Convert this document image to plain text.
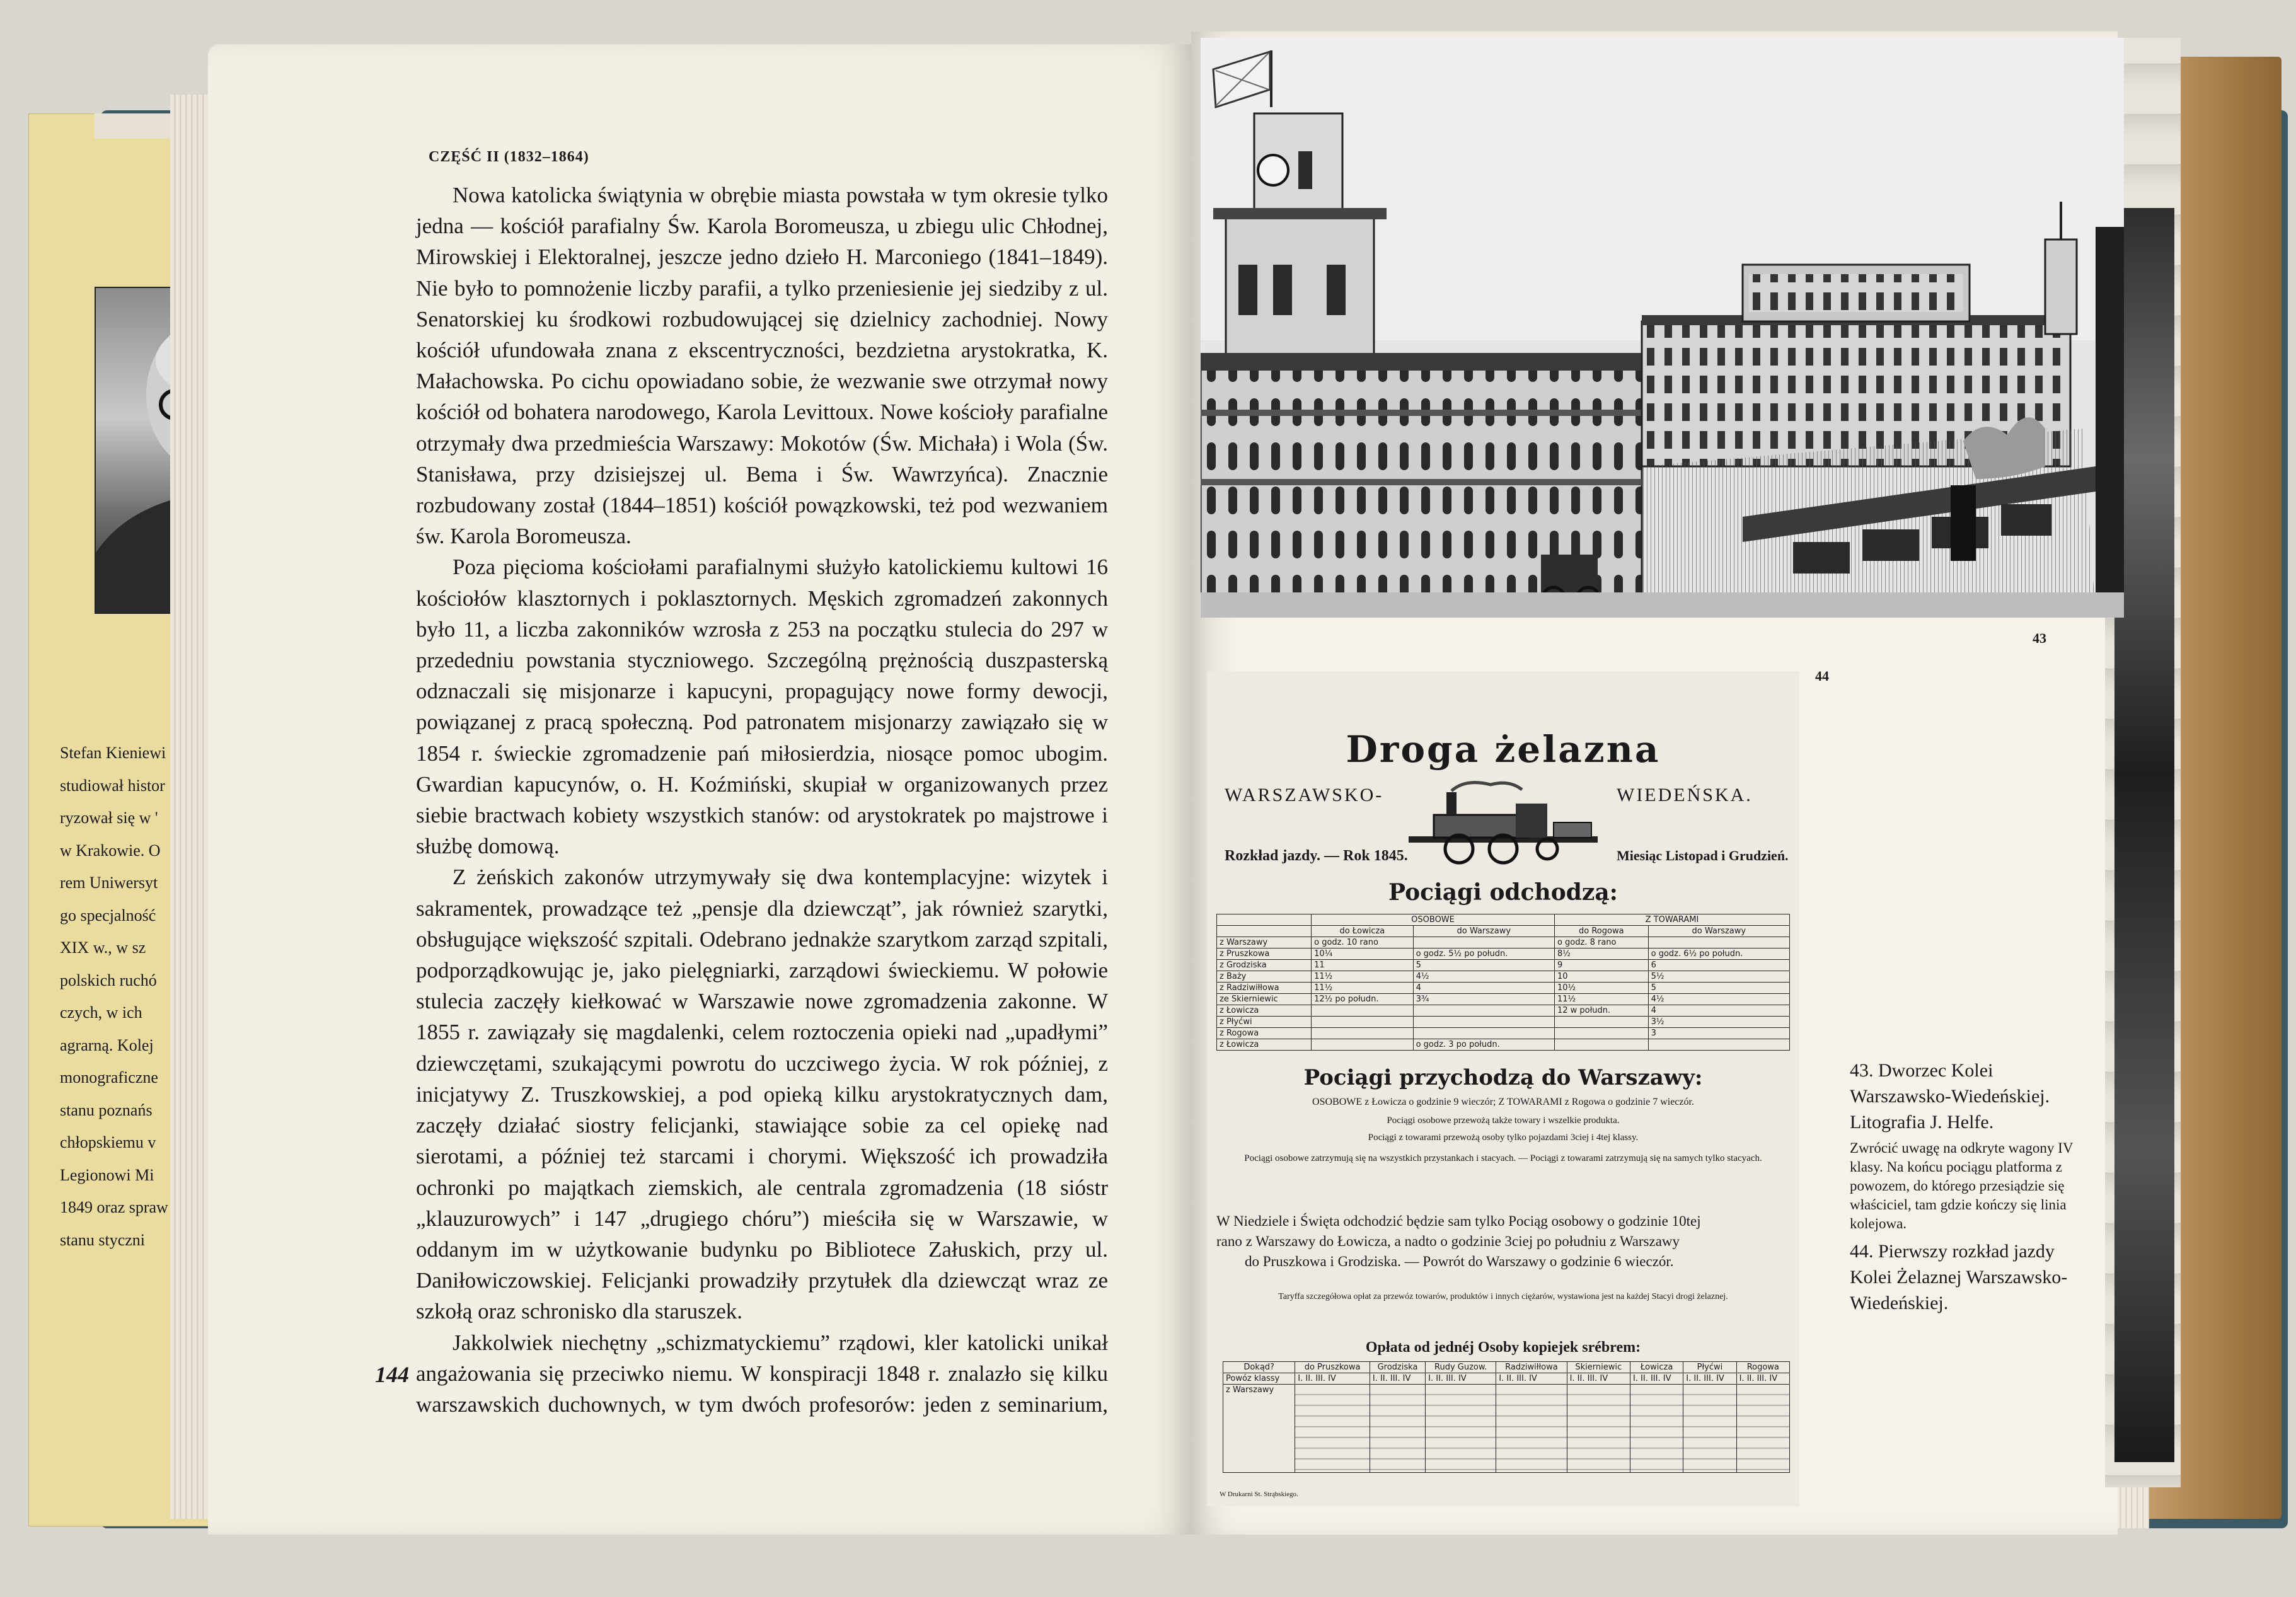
Stefan Kieniewi
studiował histor
ryzował się w '
w Krakowie. O
rem Uniwersyt
go specjalność
XIX w., w sz
polskich ruchó
czych, w ich
agrarną. Kolej
monograficzne
stanu poznańs
chłopskiemu v
Legionowi Mi
1849 oraz spraw
stanu styczni
CZĘŚĆ II (1832–1864)

Nowa katolicka świątynia w obrębie miasta powstała w tym okresie tylko jedna — kościół parafialny Św. Karola Boromeusza, u zbiegu ulic Chłodnej, Mirowskiej i Elektoralnej, jeszcze jedno dzieło H. Marconiego (1841–1849). Nie było to pomnożenie liczby parafii, a tylko przeniesienie jej siedziby z ul. Senatorskiej ku środkowi rozbudowującej się dzielnicy zachodniej. Nowy kościół ufundowała znana z ekscentryczności, bezdzietna arystokratka, K. Małachowska. Po cichu opowiadano sobie, że wezwanie swe otrzymał nowy kościół od bohatera narodowego, Karola Levittoux. Nowe kościoły parafialne otrzymały dwa przedmieścia Warszawy: Mokotów (Św. Michała) i Wola (Św. Stanisława, przy dzisiejszej ul. Bema i Św. Wawrzyńca). Znacznie rozbudowany został (1844–1851) kościół powązkowski, też pod wezwaniem św. Karola Boromeusza.

Poza pięcioma kościołami parafialnymi służyło katolickiemu kultowi 16 kościołów klasztornych i poklasztornych. Męskich zgromadzeń zakonnych było 11, a liczba zakonników wzrosła z 253 na początku stulecia do 297 w przededniu powstania styczniowego. Szczególną prężnością duszpasterską odznaczali się misjonarze i kapucyni, propagujący nowe formy dewocji, powiązanej z pracą społeczną. Pod patronatem misjonarzy zawiązało się w 1854 r. świeckie zgromadzenie pań miłosierdzia, niosące pomoc ubogim. Gwardian kapucynów, o. H. Koźmiński, skupiał w organizowanych przez siebie bractwach kobiety wszystkich stanów: od arystokratek po majstrowe i służbę domową.

Z żeńskich zakonów utrzymywały się dwa kontemplacyjne: wizytek i sakramentek, prowadzące też „pensje dla dziewcząt”, jak również szarytki, obsługujące większość szpitali. Odebrano jednakże szarytkom zarząd szpitali, podporządkowując je, jako pielęgniarki, zarządowi świeckiemu. W połowie stulecia zaczęły kiełkować w Warszawie nowe zgromadzenia zakonne. W 1855 r. zawiązały się magdalenki, celem roztoczenia opieki nad „upadłymi” dziewczętami, szukającymi powrotu do uczciwego życia. W rok później, z inicjatywy Z. Truszkowskiej, a pod opieką kilku arystokratycznych dam, zaczęły działać siostry felicjanki, stawiające sobie za cel opiekę nad sierotami, a później też starcami i chorymi. Większość ich prowadziła ochronki po majątkach ziemskich, ale centrala zgromadzenia (18 sióstr „klauzurowych” i 147 „drugiego chóru”) mieściła się w Warszawie, w oddanym im w użytkowanie budynku po Bibliotece Załuskich, przy ul. Daniłowiczowskiej. Felicjanki prowadziły przytułek dla dziewcząt wraz ze szkołą oraz schronisko dla staruszek.

Jakkolwiek niechętny „schizmatyckiemu” rządowi, kler katolicki unikał angażowania się przeciwko niemu. W konspiracji 1848 r. znalazło się kilku warszawskich duchownych, w tym dwóch profesorów: jeden z seminarium,

144
43
44
Droga żelazna
WARSZAWSKO-	WIEDEŃSKA.
Rozkład jazdy. — Rok 1845.	Miesiąc Listopad i Grudzień.
Pociągi odchodzą:
	OSOBOWE		Z TOWARAMI	
	do Łowicza	do Warszawy	do Rogowa	do Warszawy
z Warszawy	o godz. 10 rano		o godz. 8 rano	
z Pruszkowa	10¼	o godz. 5½ po połudn.	8½	o godz. 6½ po połudn.
z Grodziska	11	5	9	6
z Baży	11½	4½	10	5½
z Radziwiłłowa	11½	4	10½	5
ze Skierniewic	12½ po połudn.	3¾	11½	4½
z Łowicza			12 w połudn.	4
z Płyćwi				3½
z Rogowa				3
z Łowicza		o godz. 3 po połudn.		
Pociągi przychodzą do Warszawy:
OSOBOWE z Łowicza o godzinie 9 wieczór; Z TOWARAMI z Rogowa o godzinie 7 wieczór.
Pociągi osobowe przewożą także towary i wszelkie produkta.
Pociągi z towarami przewożą osoby tylko pojazdami 3ciej i 4tej klassy.
Pociągi osobowe zatrzymują się na wszystkich przystankach i stacyach. — Pociągi z towarami zatrzymują się na samych tylko stacyach.
W Niedziele i Święta odchodzić będzie sam tylko Pociąg osobowy o godzinie 10tej
rano z Warszawy do Łowicza, a nadto o godzinie 3ciej po południu z Warszawy
do Pruszkowa i Grodziska. — Powrót do Warszawy o godzinie 6 wieczór.
Taryffa szczegółowa opłat za przewóz towarów, produktów i innych ciężarów, wystawiona jest na każdej Stacyi drogi żelaznej.
Opłata od jednéj Osoby kopiejek srébrem:
Dokąd?	do Pruszkowa	Grodziska	Rudy Guzow.	Radziwiłłowa	Skierniewic	Łowicza	Płyćwi	Rogowa
Powóz klassy	I. II. III. IV	I. II. III. IV	I. II. III. IV	I. II. III. IV	I. II. III. IV	I. II. III. IV	I. II. III. IV	I. II. III. IV
z Warszawy								
W Drukarni St. Strąbskiego.

43. Dworzec Kolei Warszawsko-Wiedeńskiej. Litografia J. Helfe.

Zwrócić uwagę na odkryte wagony IV klasy. Na końcu pociągu platforma z powozem, do którego przesiądzie się właściciel, tam gdzie kończy się linia kolejowa.

44. Pierwszy rozkład jazdy Kolei Żelaznej Warszawsko-Wiedeńskiej.
